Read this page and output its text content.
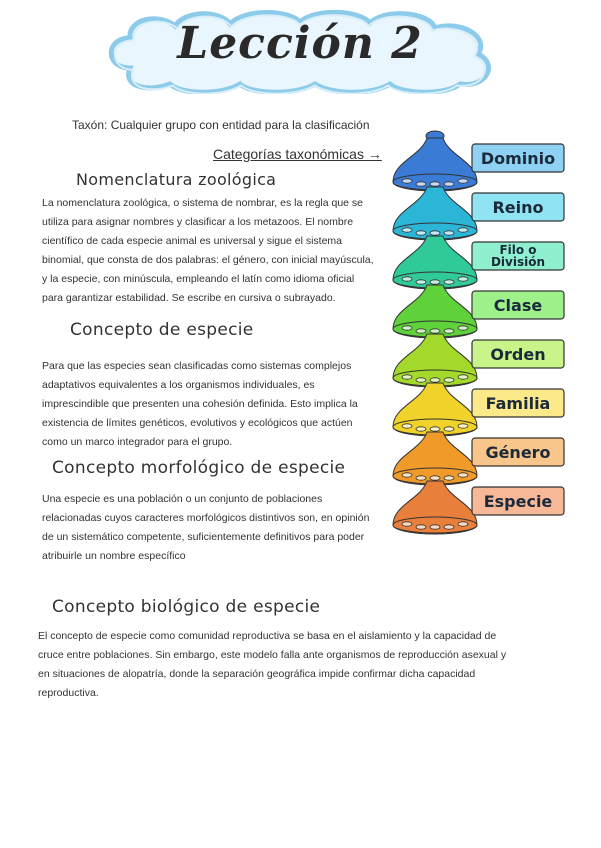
Lección 2
Taxón: Cualquier grupo con entidad para la clasificación
Categorías taxonómicas →
Nomenclatura zoológica
La nomenclatura zoológica, o sistema de nombrar, es la regla que se utiliza para asignar nombres y clasificar a los metazoos. El nombre científico de cada especie animal es universal y sigue el sistema binomial, que consta de dos palabras: el género, con inicial mayúscula, y la especie, con minúscula, empleando el latín como idioma oficial para garantizar estabilidad. Se escribe en cursiva o subrayado.
Concepto de especie
Para que las especies sean clasificadas como sistemas complejos adaptativos equivalentes a los organismos individuales, es imprescindible que presenten una cohesión definida. Esto implica la existencia de límites genéticos, evolutivos y ecológicos que actúen como un marco integrador para el grupo.
Concepto morfológico de especie
Una especie es una población o un conjunto de poblaciones relacionadas cuyos caracteres morfológicos distintivos son, en opinión de un sistemático competente, suficientemente definitivos para poder atribuirle un nombre específico
Concepto biológico de especie
El concepto de especie como comunidad reproductiva se basa en el aislamiento y la capacidad de cruce entre poblaciones. Sin embargo, este modelo falla ante organismos de reproducción asexual y en situaciones de alopatría, donde la separación geográfica impide confirmar dicha capacidad reproductiva.
Dominio
Reino
Filo o
División
Clase
Orden
Familia
Género
Especie
